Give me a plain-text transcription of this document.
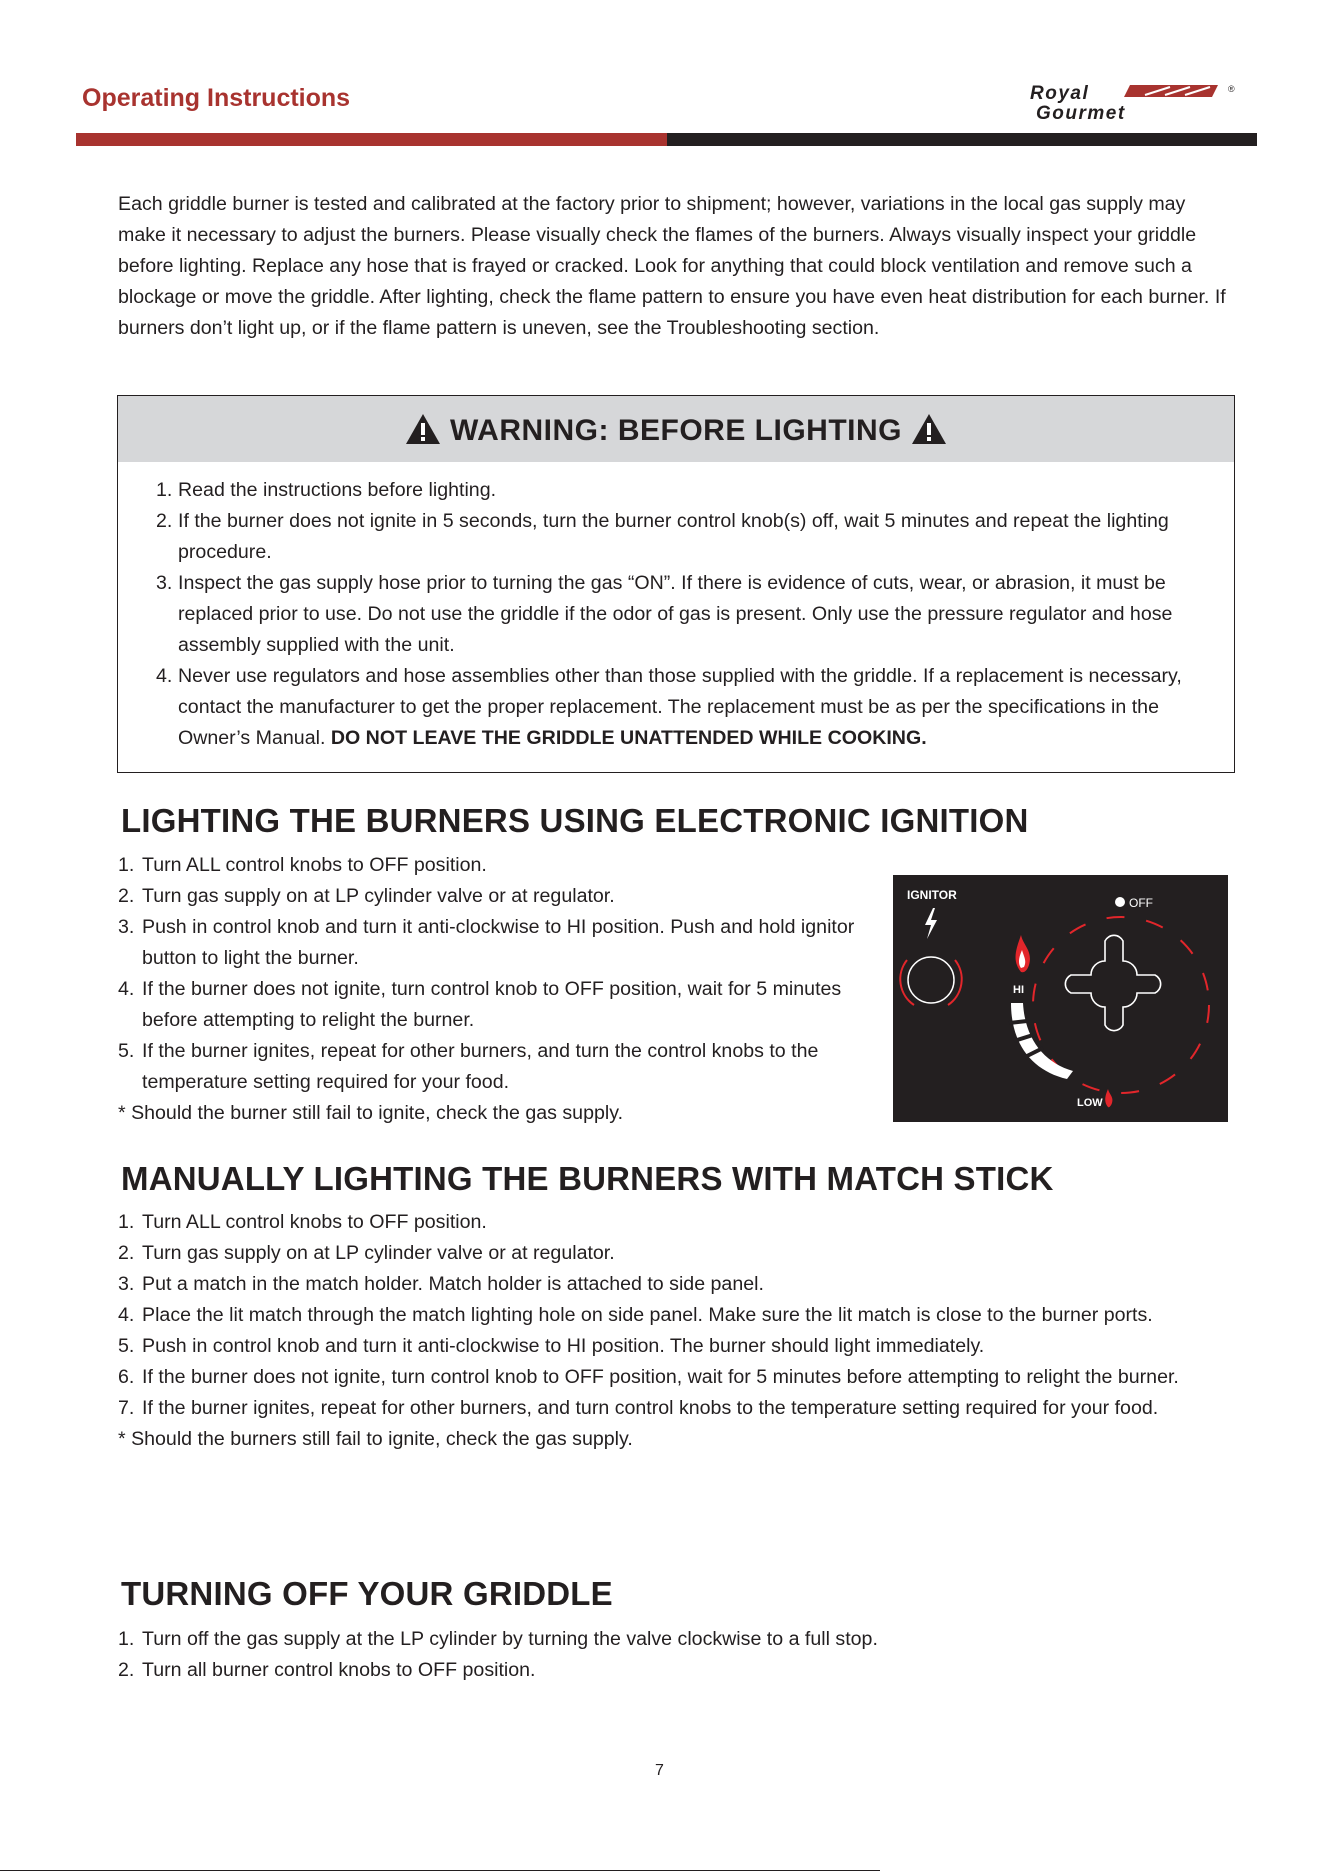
Operating Instructions	Royal
Gourmet
®

Each griddle burner is tested and calibrated at the factory prior to shipment; however, variations in the local gas supply may make it necessary to adjust the burners. Please visually check the flames of the burners. Always visually inspect your griddle before lighting. Replace any hose that is frayed or cracked. Look for anything that could block ventilation and remove such a blockage or move the griddle. After lighting, check the flame pattern to ensure you have even heat distribution for each burner. If burners don’t light up, or if the flame pattern is uneven, see the Troubleshooting section.

WARNING: BEFORE LIGHTING
1. Read the instructions before lighting.
2. If the burner does not ignite in 5 seconds, turn the burner control knob(s) off, wait 5 minutes and repeat the lighting procedure.
3. Inspect the gas supply hose prior to turning the gas “ON”. If there is evidence of cuts, wear, or abrasion, it must be replaced prior to use. Do not use the griddle if the odor of gas is present. Only use the pressure regulator and hose assembly supplied with the unit.
4. Never use regulators and hose assemblies other than those supplied with the griddle. If a replacement is necessary, contact the manufacturer to get the proper replacement. The replacement must be as per the specifications in the Owner’s Manual. DO NOT LEAVE THE GRIDDLE UNATTENDED WHILE COOKING.
LIGHTING THE BURNERS USING ELECTRONIC IGNITION
1. Turn ALL control knobs to OFF position.
2. Turn gas supply on at LP cylinder valve or at regulator.
3. Push in control knob and turn it anti-clockwise to HI position. Push and hold ignitor button to light the burner.
4. If the burner does not ignite, turn control knob to OFF position, wait for 5 minutes before attempting to relight the burner.
5. If the burner ignites, repeat for other burners, and turn the control knobs to the temperature setting required for your food.
* Should the burner still fail to ignite, check the gas supply.
IGNITOR
OFF
HI
LOW
MANUALLY LIGHTING THE BURNERS WITH MATCH STICK
1. Turn ALL control knobs to OFF position.
2. Turn gas supply on at LP cylinder valve or at regulator.
3. Put a match in the match holder. Match holder is attached to side panel.
4. Place the lit match through the match lighting hole on side panel. Make sure the lit match is close to the burner ports.
5. Push in control knob and turn it anti-clockwise to HI position. The burner should light immediately.
6. If the burner does not ignite, turn control knob to OFF position, wait for 5 minutes before attempting to relight the burner.
7. If the burner ignites, repeat for other burners, and turn control knobs to the temperature setting required for your food.
* Should the burners still fail to ignite, check the gas supply.
TURNING OFF YOUR GRIDDLE
1. Turn off the gas supply at the LP cylinder by turning the valve clockwise to a full stop.
2. Turn all burner control knobs to OFF position.
7
